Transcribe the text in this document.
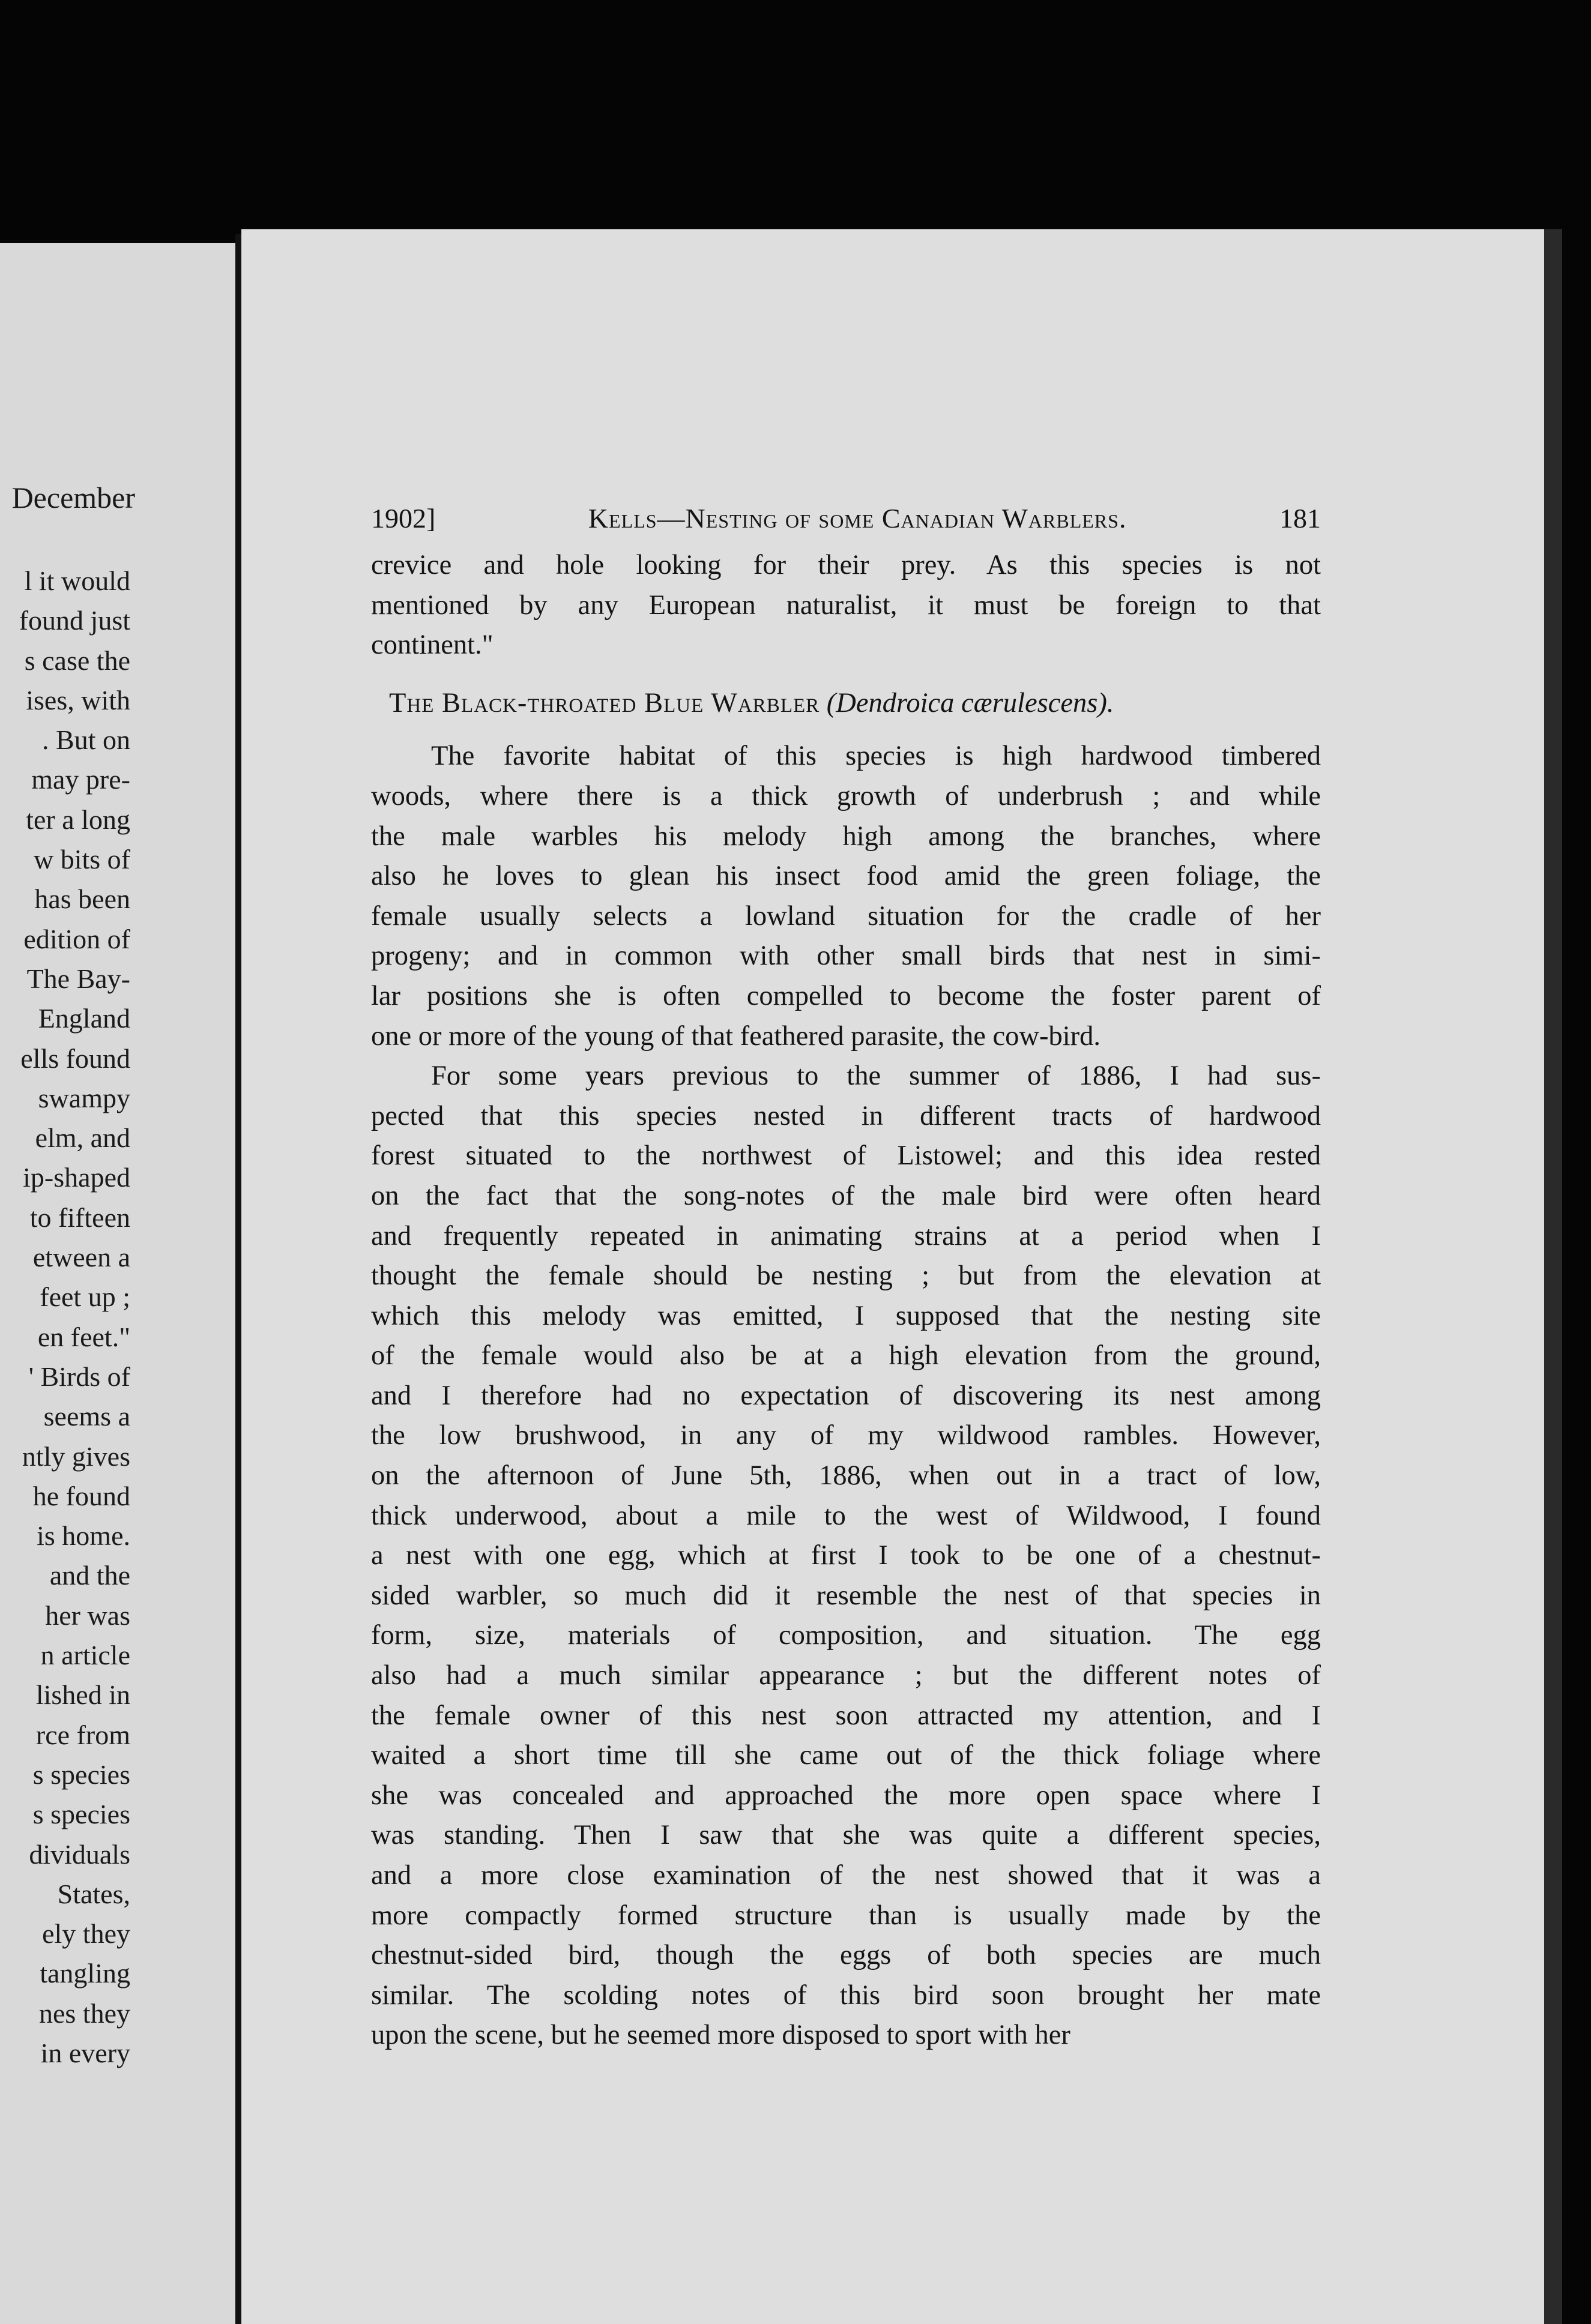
December
l it would
found just
s case the
ises, with
. But on
may pre-
ter a long
w bits of
has been
edition of
The Bay-
England
ells found
swampy
elm, and
ip-shaped
to fifteen
etween a
feet up ;
en feet."
' Birds of
seems a
ntly gives
he found
is home.
and the
her was
n article
lished in
rce from
s species
s species
dividuals
States,
ely they
tangling
nes they
in every
1902]	Kells—Nesting of some Canadian Warblers.	181
crevice and hole looking for their prey. As this species is not
mentioned by any European naturalist, it must be foreign to that
continent."
The Black-throated Blue Warbler (Dendroica cærulescens).
The favorite habitat of this species is high hardwood timbered
woods, where there is a thick growth of underbrush ; and while
the male warbles his melody high among the branches, where
also he loves to glean his insect food amid the green foliage, the
female usually selects a lowland situation for the cradle of her
progeny; and in common with other small birds that nest in simi-
lar positions she is often compelled to become the foster parent of
one or more of the young of that feathered parasite, the cow-bird.
For some years previous to the summer of 1886, I had sus-
pected that this species nested in different tracts of hardwood
forest situated to the northwest of Listowel; and this idea rested
on the fact that the song-notes of the male bird were often heard
and frequently repeated in animating strains at a period when I
thought the female should be nesting ; but from the elevation at
which this melody was emitted, I supposed that the nesting site
of the female would also be at a high elevation from the ground,
and I therefore had no expectation of discovering its nest among
the low brushwood, in any of my wildwood rambles. However,
on the afternoon of June 5th, 1886, when out in a tract of low,
thick underwood, about a mile to the west of Wildwood, I found
a nest with one egg, which at first I took to be one of a chestnut-
sided warbler, so much did it resemble the nest of that species in
form, size, materials of composition, and situation. The egg
also had a much similar appearance ; but the different notes of
the female owner of this nest soon attracted my attention, and I
waited a short time till she came out of the thick foliage where
she was concealed and approached the more open space where I
was standing. Then I saw that she was quite a different species,
and a more close examination of the nest showed that it was a
more compactly formed structure than is usually made by the
chestnut-sided bird, though the eggs of both species are much
similar. The scolding notes of this bird soon brought her mate
upon the scene, but he seemed more disposed to sport with her
